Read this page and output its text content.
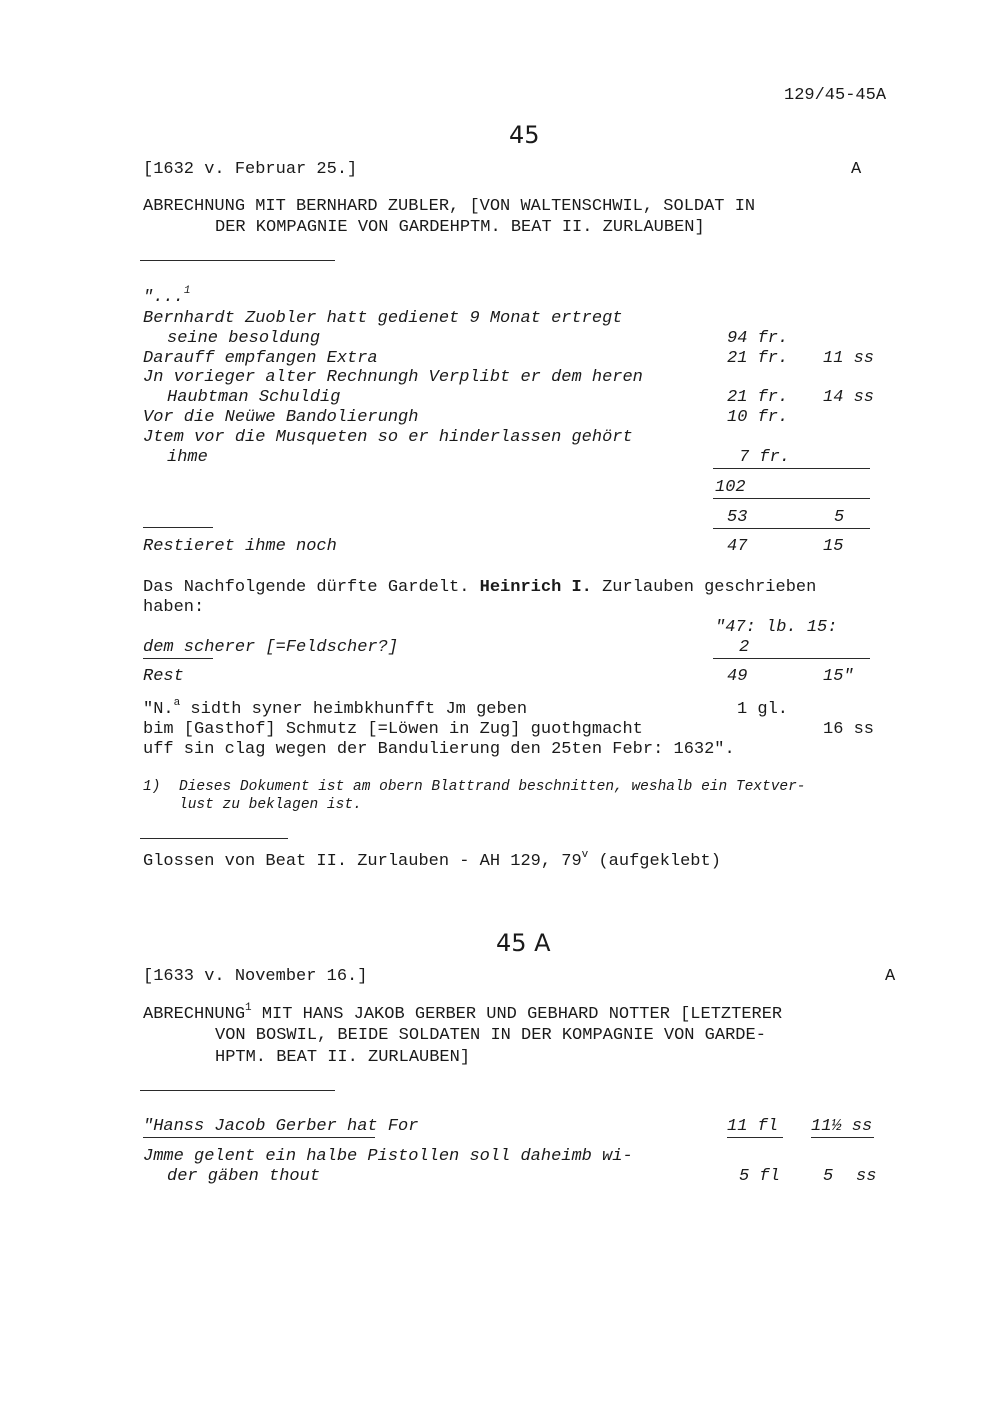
129/45-45A
45
[1632 v. Februar 25.]	A
ABRECHNUNG MIT BERNHARD ZUBLER, [VON WALTENSCHWIL, SOLDAT IN
DER KOMPAGNIE VON GARDEHPTM. BEAT II. ZURLAUBEN]
"...$^1$
Bernhardt Zuobler hatt gedienet 9 Monat ertregt
seine besoldung	94 fr.
Darauff empfangen Extra	21 fr. 11 ss
Jn vorieger alter Rechnungh Verplibt er dem heren
Haubtman Schuldig	21 fr. 14 ss
Vor die Neüwe Bandolierungh	10 fr.
Jtem vor die Musqueten so er hinderlassen gehört
ihme	7 fr.
102
53	5
Restieret ihme noch	47	15
Das Nachfolgende dürfte Gardelt. Heinrich I. Zurlauben geschrieben
haben:
"47: lb. 15:
dem scherer [=Feldscher?]	2
Rest	49	15"
"N.$^a$ sidth syner heimbkhunfft Jm geben	1 gl.
bim [Gasthof] Schmutz [=Löwen in Zug] guothgmacht	16 ss
uff sin clag wegen der Bandulierung den 25ten Febr: 1632".
1) Dieses Dokument ist am obern Blattrand beschnitten, weshalb ein Textver-
lust zu beklagen ist.
Glossen von Beat II. Zurlauben - AH 129, 79$^v$ (aufgeklebt)
45 A
[1633 v. November 16.]	A
ABRECHNUNG$^1$ MIT HANS JAKOB GERBER UND GEBHARD NOTTER [LETZTERER
VON BOSWIL, BEIDE SOLDATEN IN DER KOMPAGNIE VON GARDE-
HPTM. BEAT II. ZURLAUBEN]
"Hanss Jacob Gerber hat For	11 fl 11½ ss
Jmme gelent ein halbe Pistollen soll daheimb wi-
der gäben thout	5 fl	5 ss
